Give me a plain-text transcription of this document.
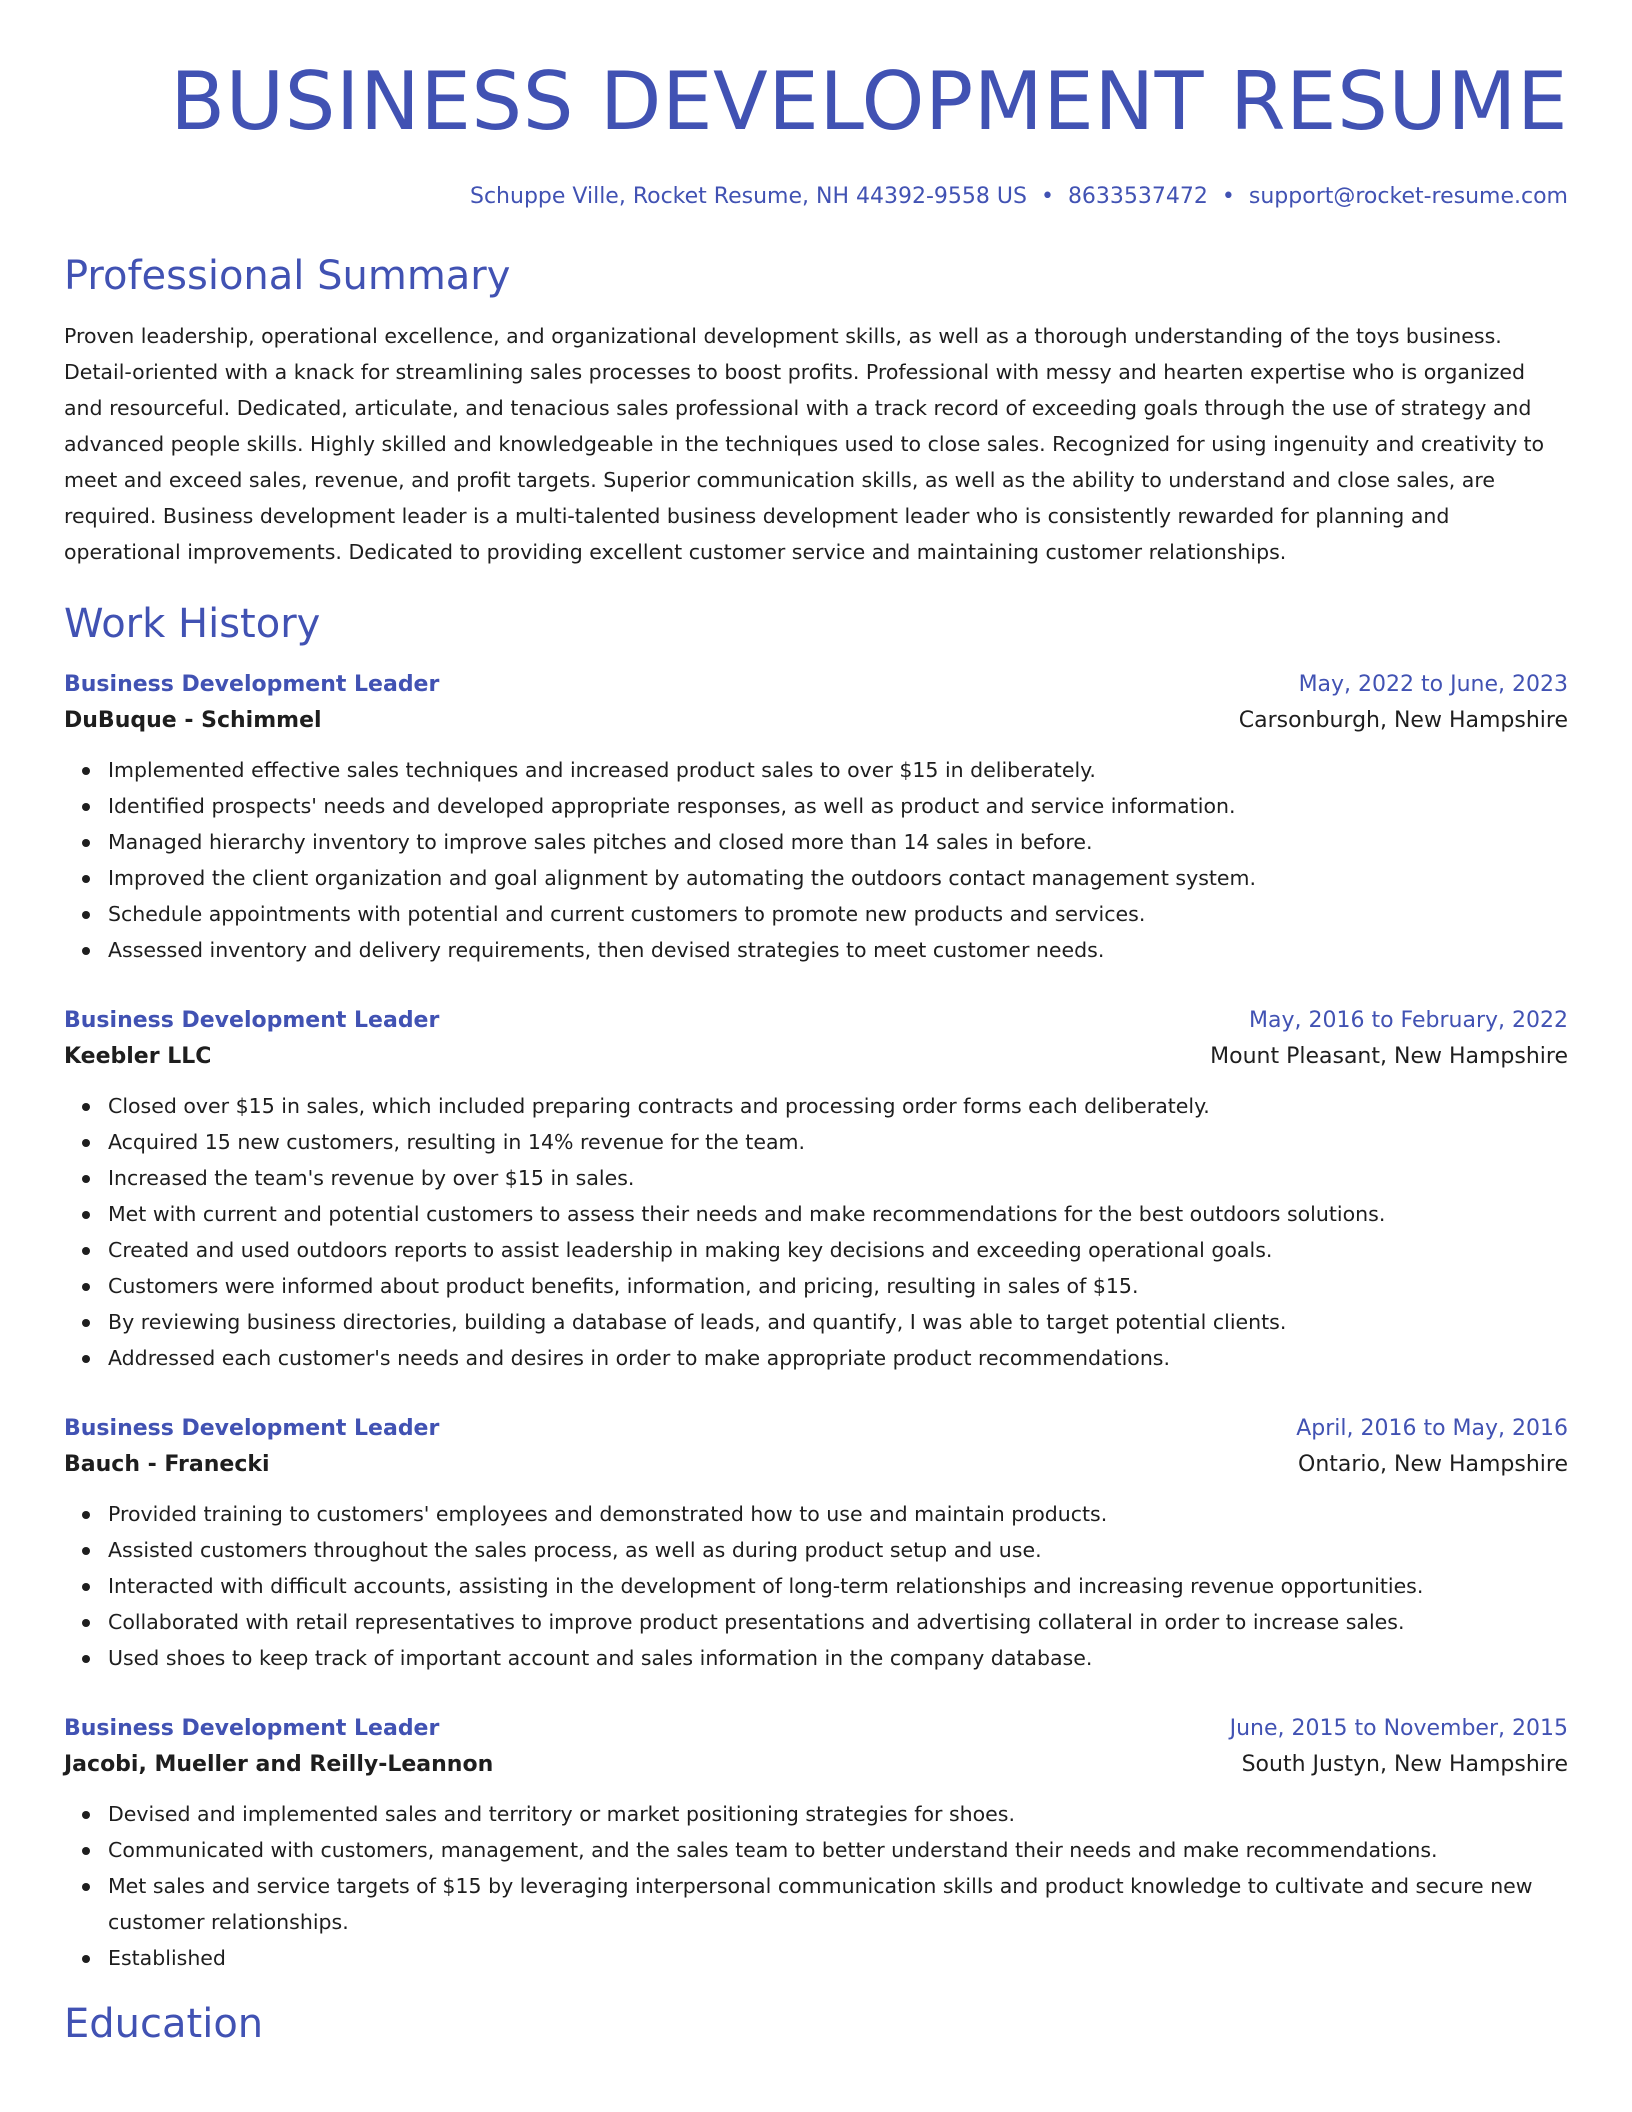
BUSINESS DEVELOPMENT RESUME
Schuppe Ville, Rocket Resume, NH 44392-9558 US • 8633537472 • support@rocket-resume.com
Professional Summary

Proven leadership, operational excellence, and organizational development skills, as well as a thorough understanding of the toys business. Detail-oriented with a knack for streamlining sales processes to boost profits. Professional with messy and hearten expertise who is organized and resourceful. Dedicated, articulate, and tenacious sales professional with a track record of exceeding goals through the use of strategy and advanced people skills. Highly skilled and knowledgeable in the techniques used to close sales. Recognized for using ingenuity and creativity to meet and exceed sales, revenue, and profit targets. Superior communication skills, as well as the ability to understand and close sales, are required. Business development leader is a multi-talented business development leader who is consistently rewarded for planning and operational improvements. Dedicated to providing excellent customer service and maintaining customer relationships.

Work History
Business Development Leader	May, 2022 to June, 2023
DuBuque - Schimmel	Carsonburgh, New Hampshire
Implemented effective sales techniques and increased product sales to over $15 in deliberately.
Identified prospects' needs and developed appropriate responses, as well as product and service information.
Managed hierarchy inventory to improve sales pitches and closed more than 14 sales in before.
Improved the client organization and goal alignment by automating the outdoors contact management system.
Schedule appointments with potential and current customers to promote new products and services.
Assessed inventory and delivery requirements, then devised strategies to meet customer needs.
Business Development Leader	May, 2016 to February, 2022
Keebler LLC	Mount Pleasant, New Hampshire
Closed over $15 in sales, which included preparing contracts and processing order forms each deliberately.
Acquired 15 new customers, resulting in 14% revenue for the team.
Increased the team's revenue by over $15 in sales.
Met with current and potential customers to assess their needs and make recommendations for the best outdoors solutions.
Created and used outdoors reports to assist leadership in making key decisions and exceeding operational goals.
Customers were informed about product benefits, information, and pricing, resulting in sales of $15.
By reviewing business directories, building a database of leads, and quantify, I was able to target potential clients.
Addressed each customer's needs and desires in order to make appropriate product recommendations.
Business Development Leader	April, 2016 to May, 2016
Bauch - Franecki	Ontario, New Hampshire
Provided training to customers' employees and demonstrated how to use and maintain products.
Assisted customers throughout the sales process, as well as during product setup and use.
Interacted with difficult accounts, assisting in the development of long-term relationships and increasing revenue opportunities.
Collaborated with retail representatives to improve product presentations and advertising collateral in order to increase sales.
Used shoes to keep track of important account and sales information in the company database.
Business Development Leader	June, 2015 to November, 2015
Jacobi, Mueller and Reilly-Leannon	South Justyn, New Hampshire
Devised and implemented sales and territory or market positioning strategies for shoes.
Communicated with customers, management, and the sales team to better understand their needs and make recommendations.
Met sales and service targets of $15 by leveraging interpersonal communication skills and product knowledge to cultivate and secure new customer relationships.
Established
Education
